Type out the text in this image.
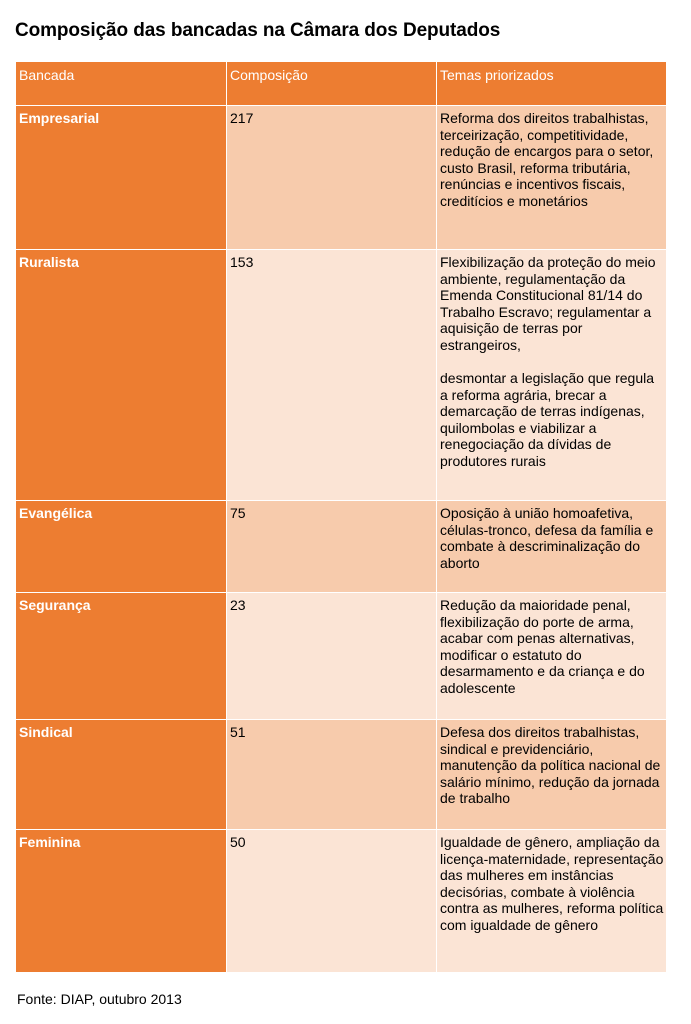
Composição das bancadas na Câmara dos Deputados
Bancada	Composição	Temas priorizados
Empresarial	217	Reforma dos direitos trabalhistas, terceirização, competitividade, redução de encargos para o setor, custo Brasil, reforma tributária, renúncias e incentivos fiscais, creditícios e monetários

Ruralista	153	Flexibilização da proteção do meio ambiente, regulamentação da Emenda Constitucional 81/14 do Trabalho Escravo; regulamentar a aquisição de terras por estrangeiros,

desmontar a legislação que regula a reforma agrária, brecar a demarcação de terras indígenas, quilombolas e viabilizar a renegociação da dívidas de produtores rurais

Evangélica	75	Oposição à união homoafetiva, células-tronco, defesa da família e combate à descriminalização do aborto

Segurança	23	Redução da maioridade penal, flexibilização do porte de arma, acabar com penas alternativas, modificar o estatuto do desarmamento e da criança e do adolescente

Sindical	51	Defesa dos direitos trabalhistas, sindical e previdenciário, manutenção da política nacional de salário mínimo, redução da jornada de trabalho

Feminina	50	Igualdade de gênero, ampliação da licença-maternidade, representação das mulheres em instâncias decisórias, combate à violência contra as mulheres, reforma política com igualdade de gênero

Fonte: DIAP, outubro 2013
